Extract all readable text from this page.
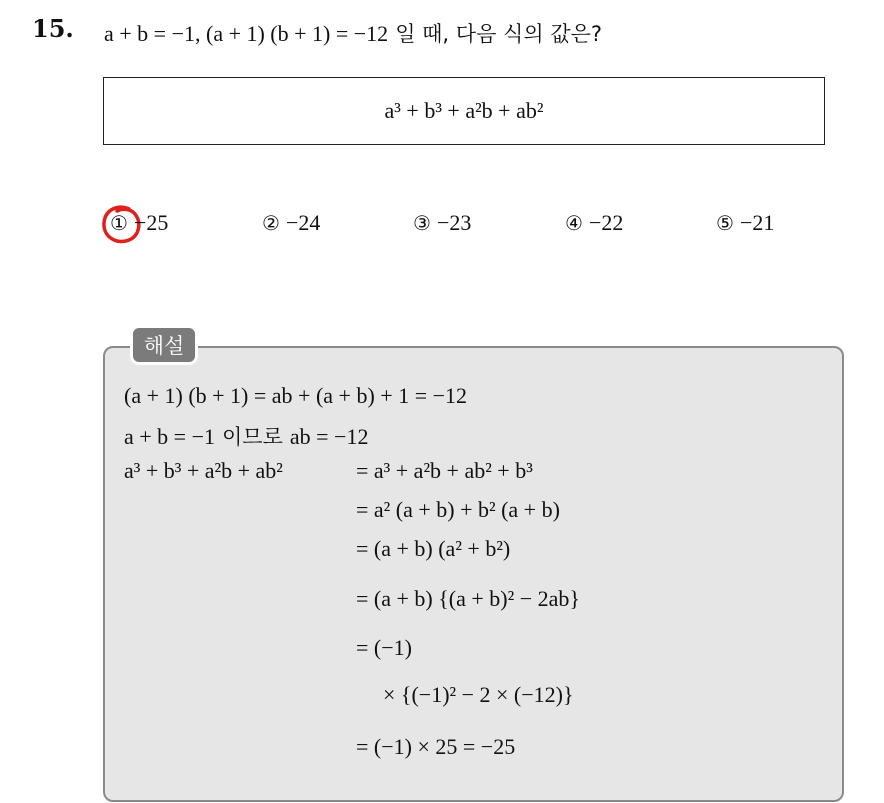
15. a + b = −1, (a + 1) (b + 1) = −12 일 때, 다음 식의 값은?
a³ + b³ + a²b + ab²
① −25	② −24	③ −23	④ −22	⑤ −21
해설
(a + 1) (b + 1) = ab + (a + b) + 1 = −12
a + b = −1 이므로 ab = −12
a³ + b³ + a²b + ab²	= a³ + a²b + ab² + b³
= a² (a + b) + b² (a + b)
= (a + b) (a² + b²)
= (a + b) {(a + b)² − 2ab}
= (−1)
× {(−1)² − 2 × (−12)}
= (−1) × 25 = −25
